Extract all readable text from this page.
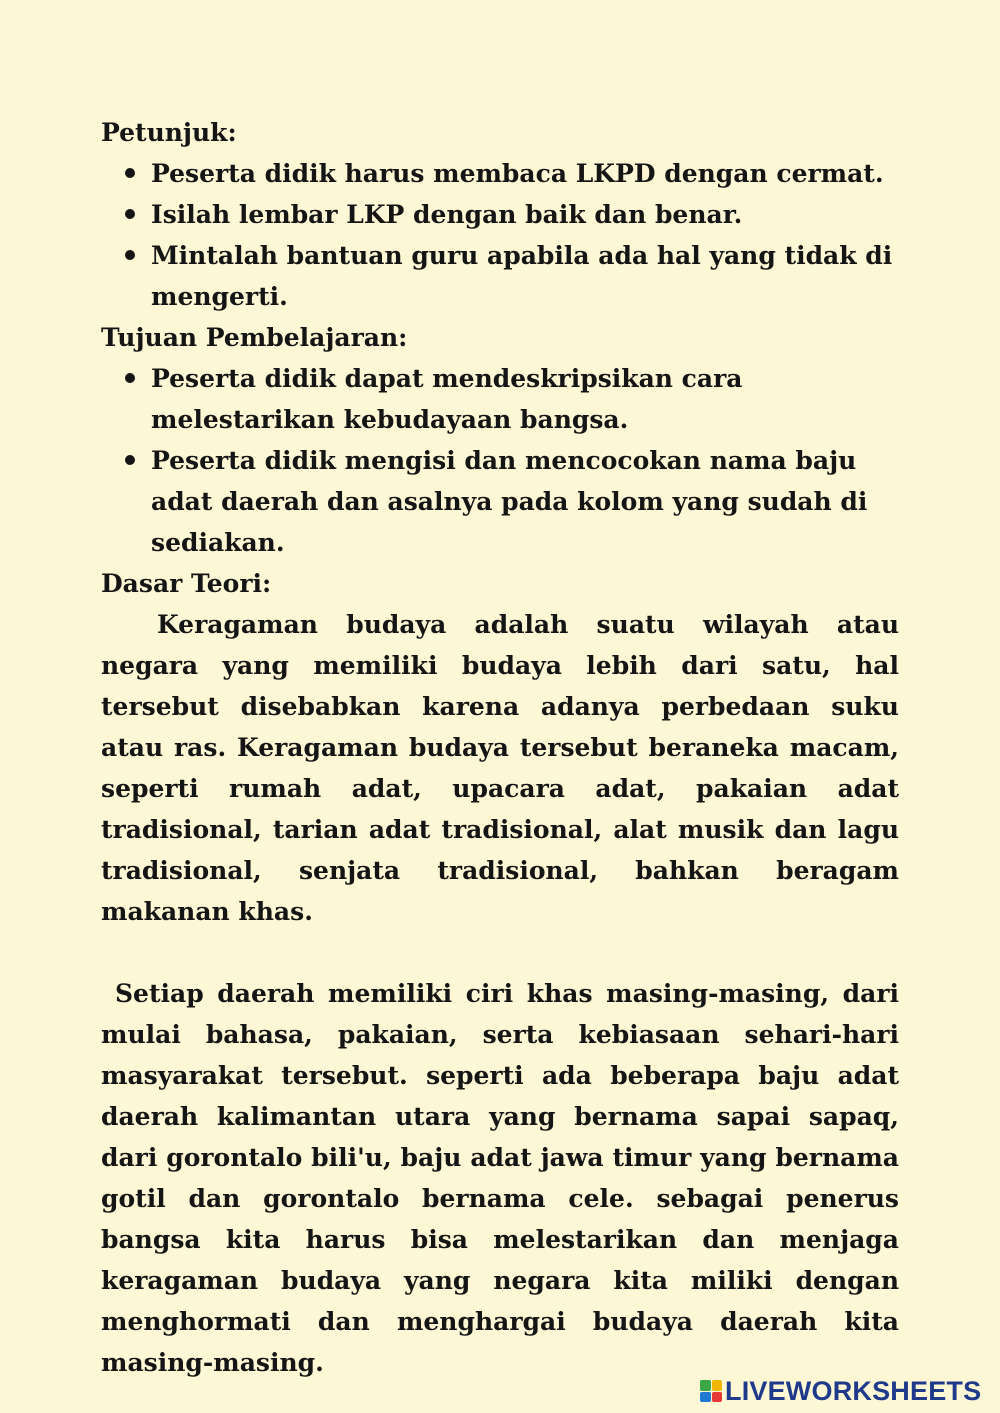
Petunjuk:
Peserta didik harus membaca LKPD dengan cermat.
Isilah lembar LKP dengan baik dan benar.
Mintalah bantuan guru apabila ada hal yang tidak di mengerti.
Tujuan Pembelajaran:
Peserta didik dapat mendeskripsikan cara melestarikan kebudayaan bangsa.
Peserta didik mengisi dan mencocokan nama baju adat daerah dan asalnya pada kolom yang sudah di sediakan.
Dasar Teori:

Keragaman budaya adalah suatu wilayah atau negara yang memiliki budaya lebih dari satu, hal tersebut disebabkan karena adanya perbedaan suku atau ras. Keragaman budaya tersebut beraneka macam, seperti rumah adat, upacara adat, pakaian adat tradisional, tarian adat tradisional, alat musik dan lagu tradisional, senjata tradisional, bahkan beragam makanan khas.

Setiap daerah memiliki ciri khas masing-masing, dari mulai bahasa, pakaian, serta kebiasaan sehari-hari masyarakat tersebut. seperti ada beberapa baju adat daerah kalimantan utara yang bernama sapai sapaq, dari gorontalo bili'u, baju adat jawa timur yang bernama gotil dan gorontalo bernama cele. sebagai penerus bangsa kita harus bisa melestarikan dan menjaga keragaman budaya yang negara kita miliki dengan menghormati dan menghargai budaya daerah kita masing-masing.

LIVEWORKSHEETS
